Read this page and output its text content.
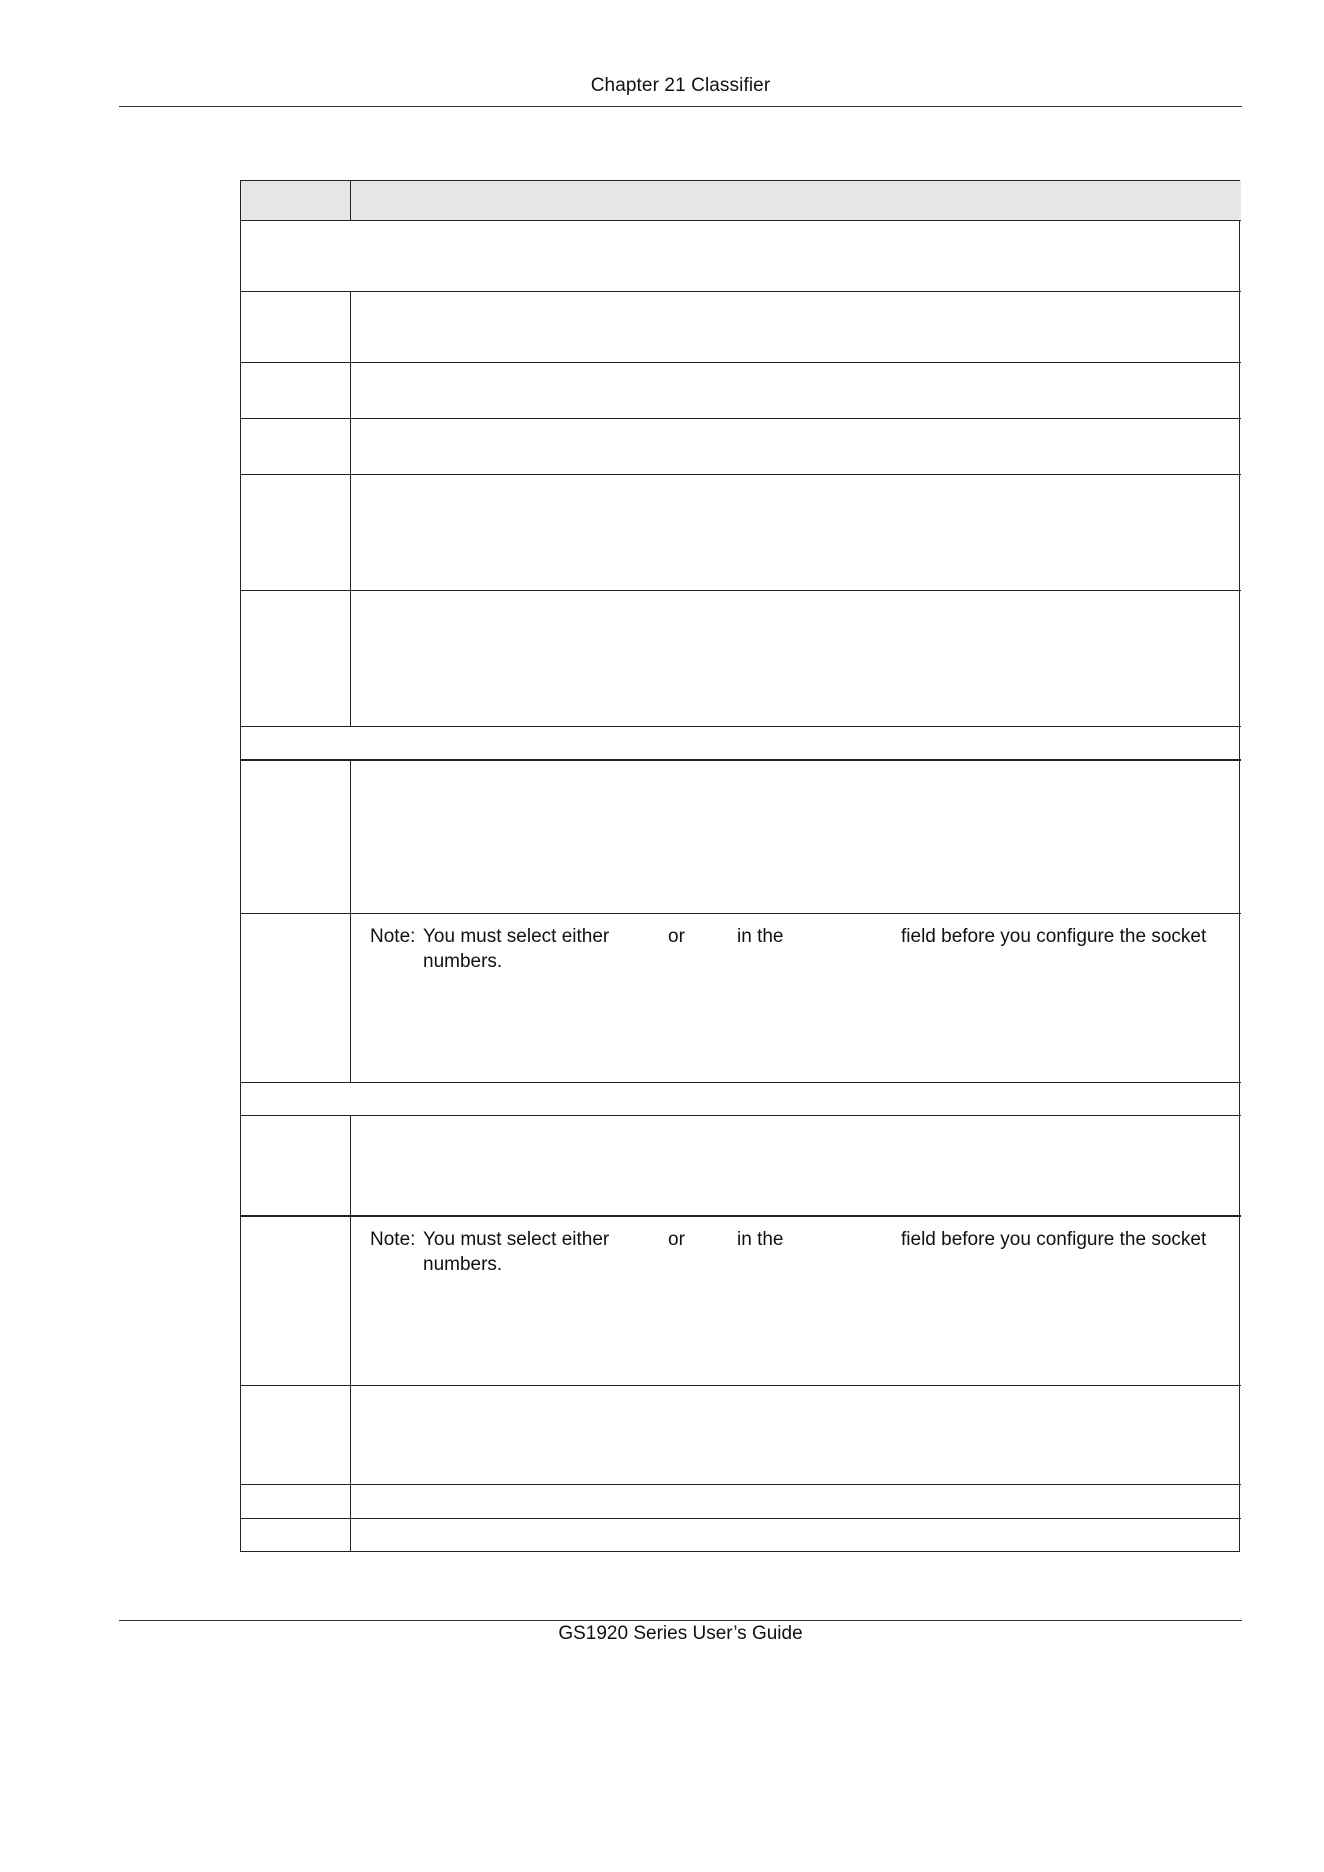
Chapter 21 Classifier
Note: You must select either	or	in the	field before you configure the socket
numbers.
Note: You must select either	or	in the	field before you configure the socket
numbers.
GS1920 Series User’s Guide
